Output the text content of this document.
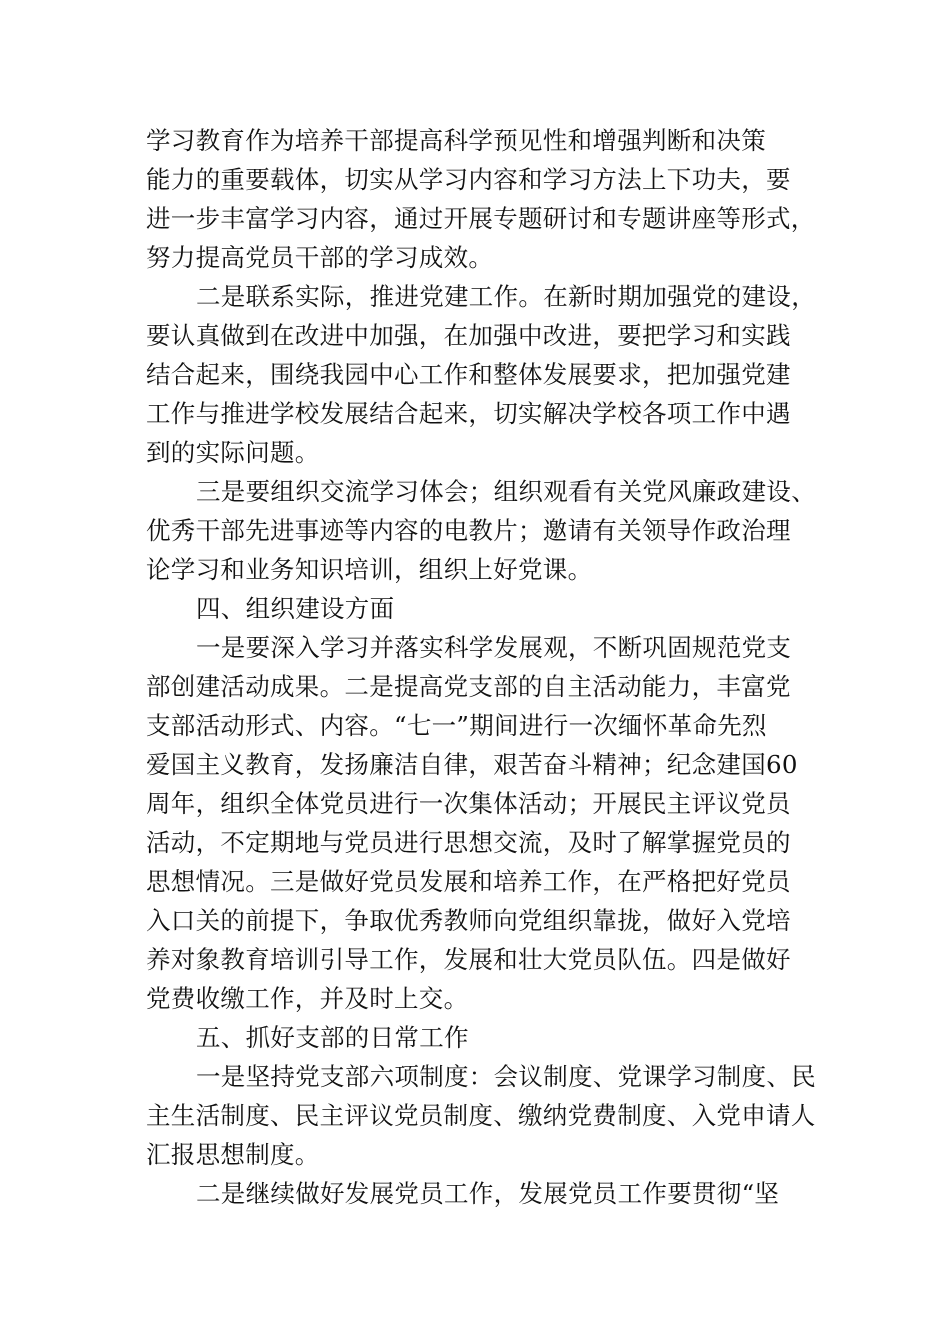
学习教育作为培养干部提高科学预见性和增强判断和决策
能力的重要载体，切实从学习内容和学习方法上下功夫，要
进一步丰富学习内容，通过开展专题研讨和专题讲座等形式，
努力提高党员干部的学习成效。
二是联系实际，推进党建工作。在新时期加强党的建设，
要认真做到在改进中加强，在加强中改进，要把学习和实践
结合起来，围绕我园中心工作和整体发展要求，把加强党建
工作与推进学校发展结合起来，切实解决学校各项工作中遇
到的实际问题。
三是要组织交流学习体会；组织观看有关党风廉政建设、
优秀干部先进事迹等内容的电教片；邀请有关领导作政治理
论学习和业务知识培训，组织上好党课。
四、组织建设方面
一是要深入学习并落实科学发展观，不断巩固规范党支
部创建活动成果。二是提高党支部的自主活动能力，丰富党
支部活动形式、内容。“七一”期间进行一次缅怀革命先烈
爱国主义教育，发扬廉洁自律，艰苦奋斗精神；纪念建国60
周年，组织全体党员进行一次集体活动；开展民主评议党员
活动，不定期地与党员进行思想交流，及时了解掌握党员的
思想情况。三是做好党员发展和培养工作，在严格把好党员
入口关的前提下，争取优秀教师向党组织靠拢，做好入党培
养对象教育培训引导工作，发展和壮大党员队伍。四是做好
党费收缴工作，并及时上交。
五、抓好支部的日常工作
一是坚持党支部六项制度：会议制度、党课学习制度、民
主生活制度、民主评议党员制度、缴纳党费制度、入党申请人
汇报思想制度。
二是继续做好发展党员工作，发展党员工作要贯彻“坚
